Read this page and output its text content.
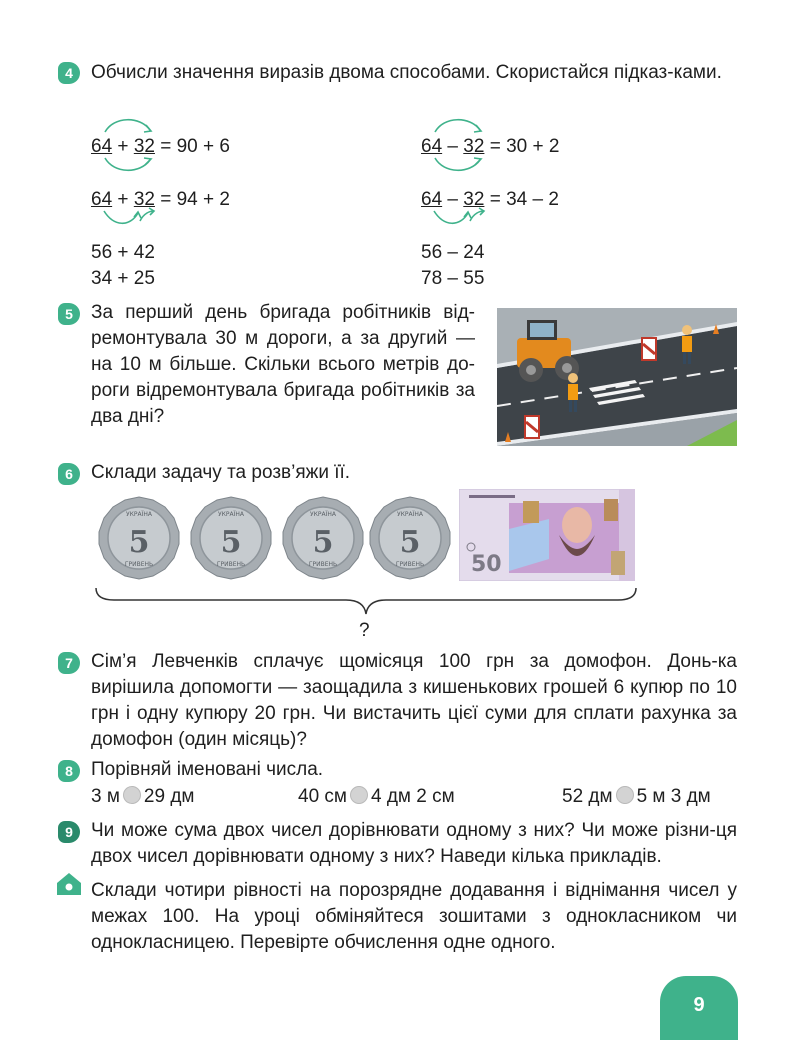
4 Обчисли значення виразів двома способами. Скористайся підказ-ками.
64 + 32 = 90 + 6
64 + 32 = 94 + 2
56 + 42
34 + 25
64 – 32 = 30 + 2
64 – 32 = 34 – 2
56 – 24
78 – 55
5 За перший день бригада робітників від-ремонтувала 30 м дороги, а за другий — на 10 м більше. Скільки всього метрів до-роги відремонтувала бригада робітників за два дні?
6 Склади задачу та розв’яжи її.
УКРАЇНА
5
ГРИВЕНЬ
УКРАЇНА
5
ГРИВЕНЬ
УКРАЇНА
5
ГРИВЕНЬ
УКРАЇНА
5
ГРИВЕНЬ 50
?
7 Сім’я Левченків сплачує щомісяця 100 грн за домофон. Донь-ка вирішила допомогти — заощадила з кишенькових грошей 6 купюр по 10 грн і одну купюру 20 грн. Чи вистачить цієї суми для сплати рахунка за домофон (один місяць)?
8 Порівняй іменовані числа.
3 м 29 дм	40 см 4 дм 2 см	52 дм 5 м 3 дм
9 Чи може сума двох чисел дорівнювати одному з них? Чи може різни-ця двох чисел дорівнювати одному з них? Наведи кілька прикладів.
Склади чотири рівності на порозрядне додавання і віднімання чисел у межах 100. На уроці обміняйтеся зошитами з однокласником чи однокласницею. Перевірте обчислення одне одного.
9
